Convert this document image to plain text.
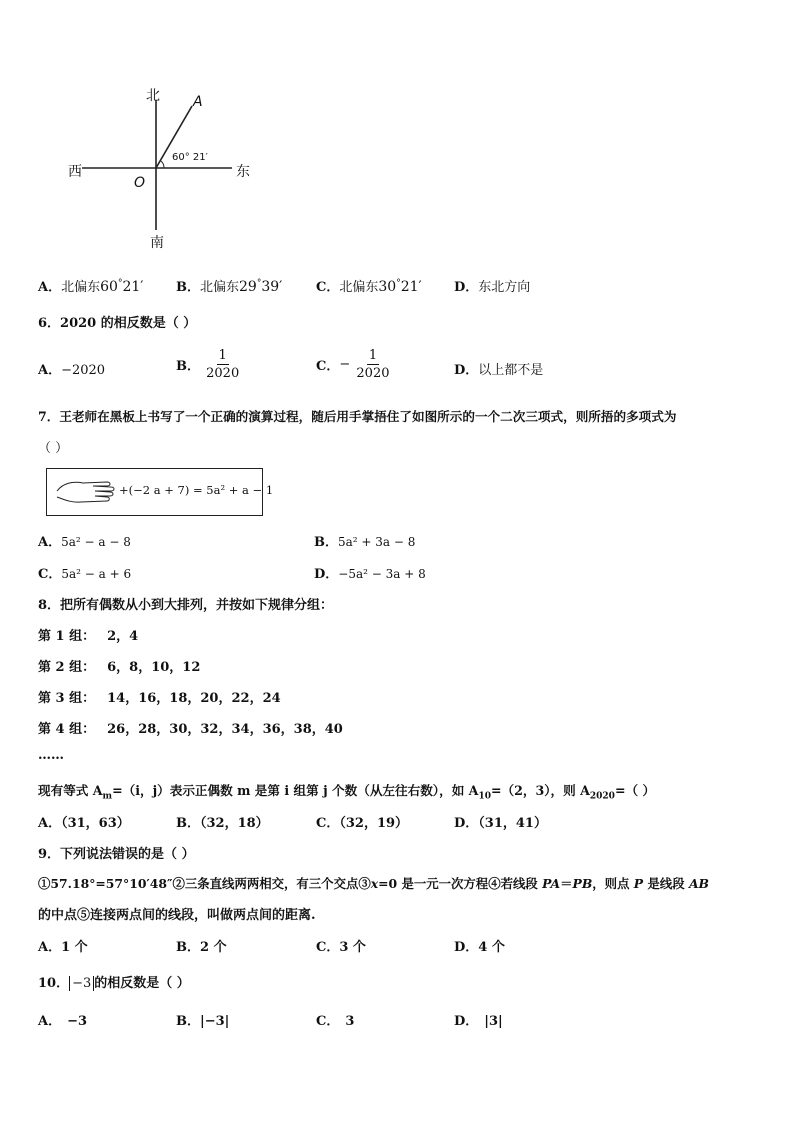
北 A
60° 21′
西	东
O
南
A．北偏东60°21′	B．北偏东29°39′	C．北偏东30°21′ D．东北方向
6．2020 的相反数是（ ）
A．−2020	B． $\frac{1}{2020}$	C．− $\frac{1}{2020}$	D．以上都不是
7．王老师在黑板上书写了一个正确的演算过程，随后用手掌捂住了如图所示的一个二次三项式，则所捂的多项式为
（ ）
+(−2 a + 7) = 5a² + a − 1
A．5a² − a − 8	B．5a² + 3a − 8
C．5a² − a + 6	D．−5a² − 3a + 8
8．把所有偶数从小到大排列，并按如下规律分组：
第 1 组： 2，4
第 2 组： 6，8，10，12
第 3 组： 14，16，18，20，22，24
第 4 组： 26，28，30，32，34，36，38，40
……
现有等式 $A_m=(i$，j）表示正偶数 m 是第 i 组第 j 个数（从左往右数），如 $A_{10}=(2$，3），则 $A_{2020}=$（ ）
A．（31，63）	B．（32，18）	C．（32，19）	D．（31，41）
9．下列说法错误的是（ ）
①57.18°=57°10′48″②三条直线两两相交，有三个交点③x=0 是一元一次方程④若线段 PA＝PB，则点 P 是线段 AB
的中点⑤连接两点间的线段，叫做两点间的距离.
A．1 个	B．2 个	C．3 个	D．4 个
10． −3 的相反数是（ ）
A． −3	B．|−3|	C． 3	D． |3|
